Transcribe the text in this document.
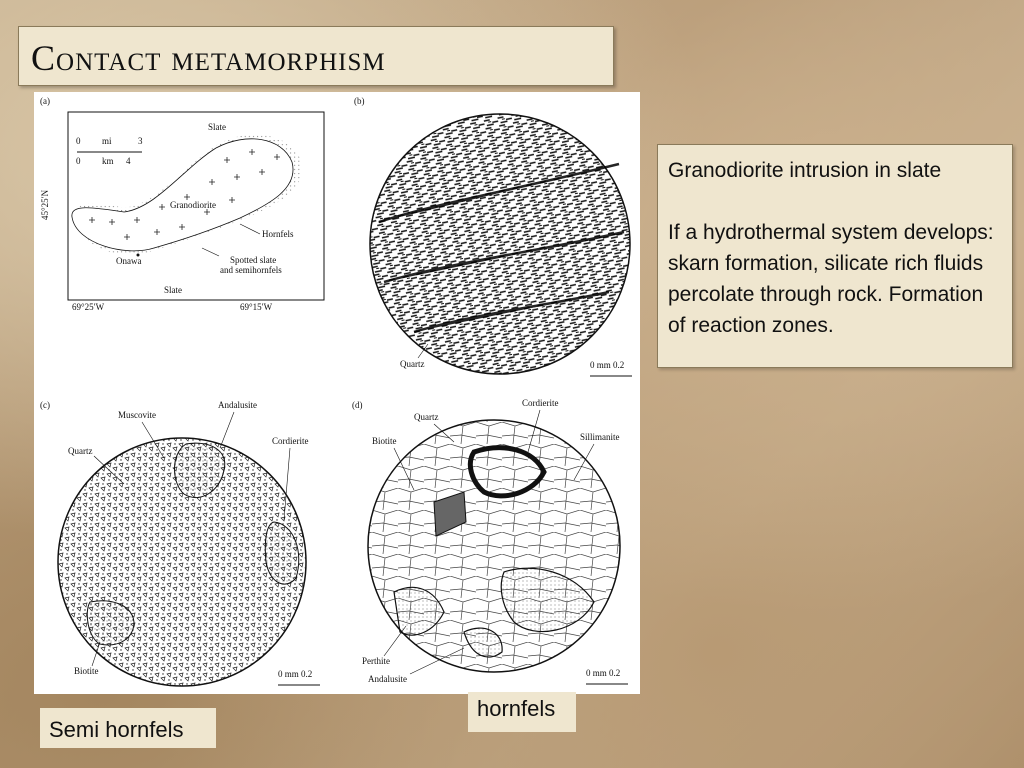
Contact metamorphism
(a)
0 mi	3
0 km 4
45°25′N
Slate
Granodiorite
Hornfels
Onawa	Spotted slate
and semihornfels
Slate
69°25′W	69°15′W
(b)
Quartz	0 mm 0.2
(c)
Muscovite
Andalusite
Cordierite
Quartz
Biotite	0 mm 0.2
(d)
Quartz
Cordierite
Biotite	Sillimanite
Perthite
Andalusite
0 mm 0.2

Granodiorite intrusion in slate

If a hydrothermal system develops: skarn formation, silicate rich fluids percolate through rock. Formation of reaction zones.

hornfels
Semi hornfels
